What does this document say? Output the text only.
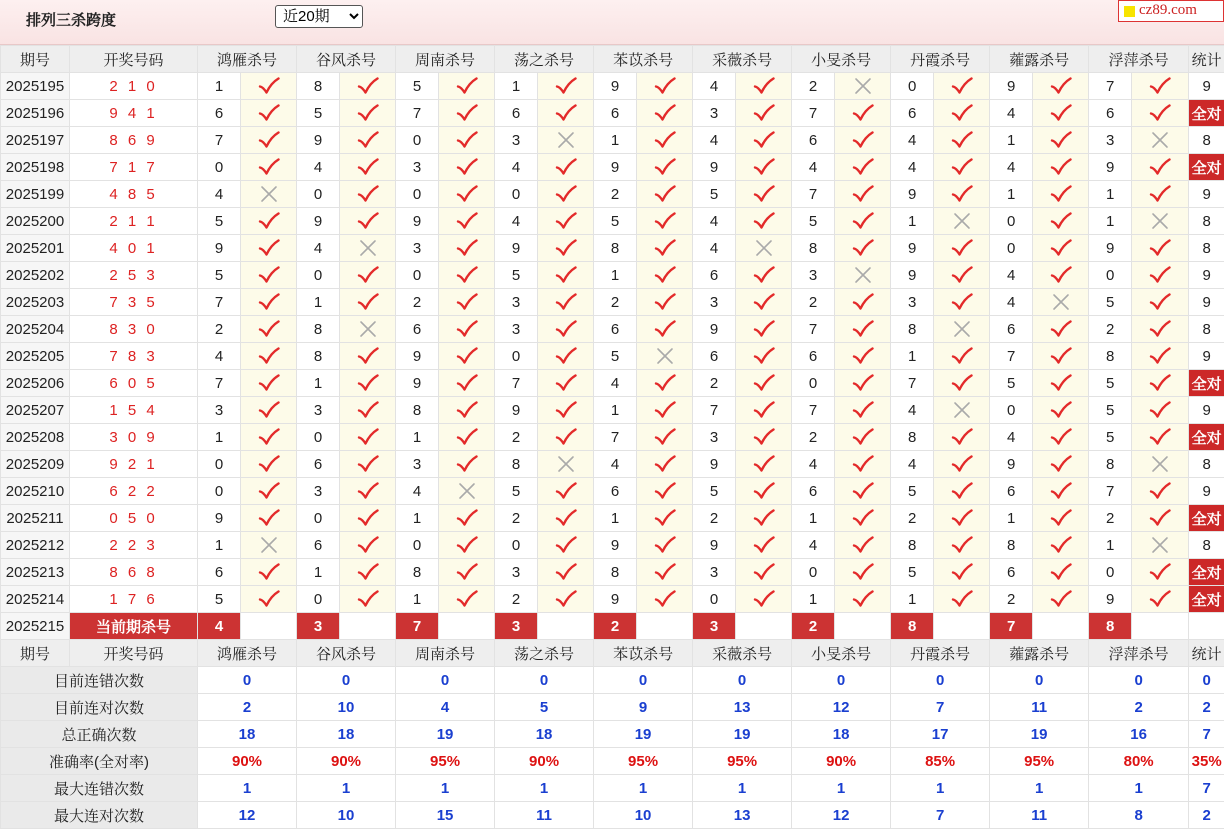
排列三杀跨度
近20期
cz89.com
期号	开奖号码	鸿雁杀号		谷风杀号		周南杀号		荡之杀号		苯苡杀号		采薇杀号		小旻杀号		丹霞杀号		蕹露杀号		浮萍杀号		统计
2025195	2 1 0	1		8		5		1		9		4		2		0		9		7		9
2025196	9 4 1	6		5		7		6		6		3		7		6		4		6		全对
2025197	8 6 9	7		9		0		3		1		4		6		4		1		3		8
2025198	7 1 7	0		4		3		4		9		9		4		4		4		9		全对
2025199	4 8 5	4		0		0		0		2		5		7		9		1		1		9
2025200	2 1 1	5		9		9		4		5		4		5		1		0		1		8
2025201	4 0 1	9		4		3		9		8		4		8		9		0		9		8
2025202	2 5 3	5		0		0		5		1		6		3		9		4		0		9
2025203	7 3 5	7		1		2		3		2		3		2		3		4		5		9
2025204	8 3 0	2		8		6		3		6		9		7		8		6		2		8
2025205	7 8 3	4		8		9		0		5		6		6		1		7		8		9
2025206	6 0 5	7		1		9		7		4		2		0		7		5		5		全对
2025207	1 5 4	3		3		8		9		1		7		7		4		0		5		9
2025208	3 0 9	1		0		1		2		7		3		2		8		4		5		全对
2025209	9 2 1	0		6		3		8		4		9		4		4		9		8		8
2025210	6 2 2	0		3		4		5		6		5		6		5		6		7		9
2025211	0 5 0	9		0		1		2		1		2		1		2		1		2		全对
2025212	2 2 3	1		6		0		0		9		9		4		8		8		1		8
2025213	8 6 8	6		1		8		3		8		3		0		5		6		0		全对
2025214	1 7 6	5		0		1		2		9		0		1		1		2		9		全对
2025215	当前期杀号	4		3		7		3		2		3		2		8		7		8		
期号	开奖号码	鸿雁杀号		谷风杀号		周南杀号		荡之杀号		苯苡杀号		采薇杀号		小旻杀号		丹霞杀号		蕹露杀号		浮萍杀号		统计
目前连错次数		0		0		0		0		0		0		0		0		0		0		0
目前连对次数		2		10		4		5		9		13		12		7		11		2		2
总正确次数		18		18		19		18		19		19		18		17		19		16		7
准确率(全对率)		90%		90%		95%		90%		95%		95%		90%		85%		95%		80%		35%
最大连错次数		1		1		1		1		1		1		1		1		1		1		7
最大连对次数		12		10		15		11		10		13		12		7		11		8		2
